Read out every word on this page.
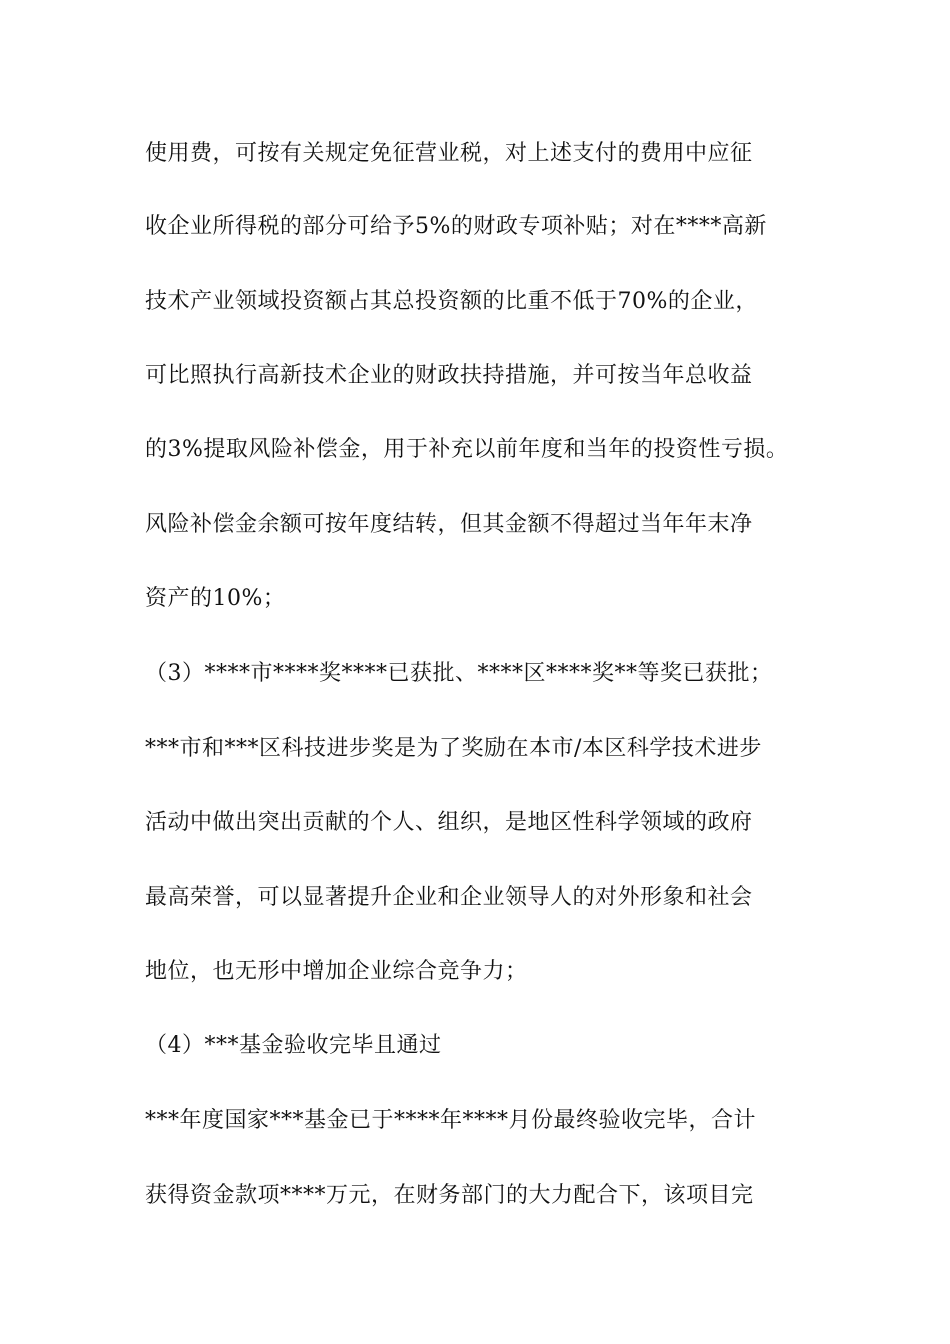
使用费，可按有关规定免征营业税，对上述支付的费用中应征
收企业所得税的部分可给予5%的财政专项补贴；对在****高新
技术产业领域投资额占其总投资额的比重不低于70%的企业，
可比照执行高新技术企业的财政扶持措施，并可按当年总收益
的3%提取风险补偿金，用于补充以前年度和当年的投资性亏损。
风险补偿金余额可按年度结转，但其金额不得超过当年年末净
资产的10%；
（3）****市****奖****已获批、****区****奖**等奖已获批；
***市和***区科技进步奖是为了奖励在本市/本区科学技术进步
活动中做出突出贡献的个人、组织，是地区性科学领域的政府
最高荣誉，可以显著提升企业和企业领导人的对外形象和社会
地位，也无形中增加企业综合竞争力；
（4）***基金验收完毕且通过
***年度国家***基金已于****年****月份最终验收完毕，合计
获得资金款项****万元，在财务部门的大力配合下，该项目完
